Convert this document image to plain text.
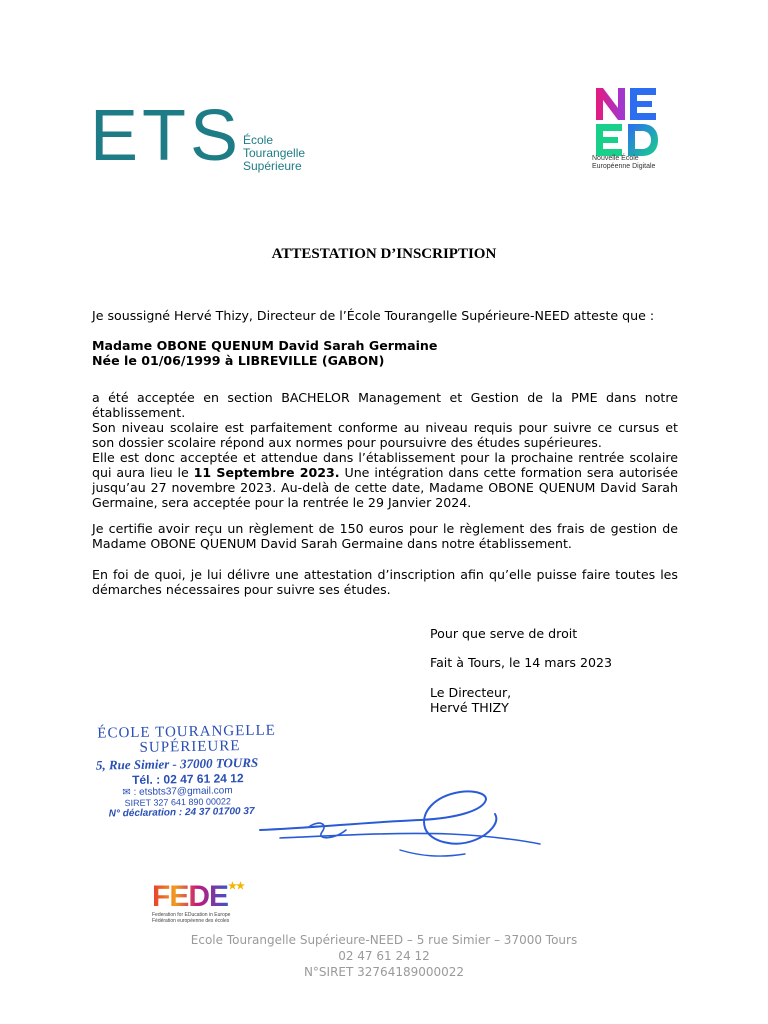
ETS École
Tourangelle
Supérieure
Nouvelle École
Européenne Digitale
ATTESTATION D’INSCRIPTION
Je soussigné Hervé Thizy, Directeur de l’École Tourangelle Supérieure-NEED atteste que :
Madame OBONE QUENUM David Sarah Germaine
Née le 01/06/1999 à LIBREVILLE (GABON)
a été acceptée en section BACHELOR Management et Gestion de la PME dans notre établissement.
Son niveau scolaire est parfaitement conforme au niveau requis pour suivre ce cursus et son dossier scolaire répond aux normes pour poursuivre des études supérieures.
Elle est donc acceptée et attendue dans l’établissement pour la prochaine rentrée scolaire qui aura lieu le 11 Septembre 2023. Une intégration dans cette formation sera autorisée jusqu’au 27 novembre 2023. Au-delà de cette date, Madame OBONE QUENUM David Sarah Germaine, sera acceptée pour la rentrée le 29 Janvier 2024.
Je certifie avoir reçu un règlement de 150 euros pour le règlement des frais de gestion de Madame OBONE QUENUM David Sarah Germaine dans notre établissement.
En foi de quoi, je lui délivre une attestation d’inscription afin qu’elle puisse faire toutes les démarches nécessaires pour suivre ses études.
Pour que serve de droit
Fait à Tours, le 14 mars 2023
Le Directeur,
Hervé THIZY
ÉCOLE TOURANGELLE
SUPÉRIEURE
5, Rue Simier - 37000 TOURS
Tél. : 02 47 61 24 12
✉ : etsbts37@gmail.com
SIRET 327 641 890 00022
N° déclaration : 24 37 01700 37
FEDE★★
Federation for EDucation in Europe
Fédération européenne des écoles
Ecole Tourangelle Supérieure-NEED – 5 rue Simier – 37000 Tours
02 47 61 24 12
N°SIRET 32764189000022
